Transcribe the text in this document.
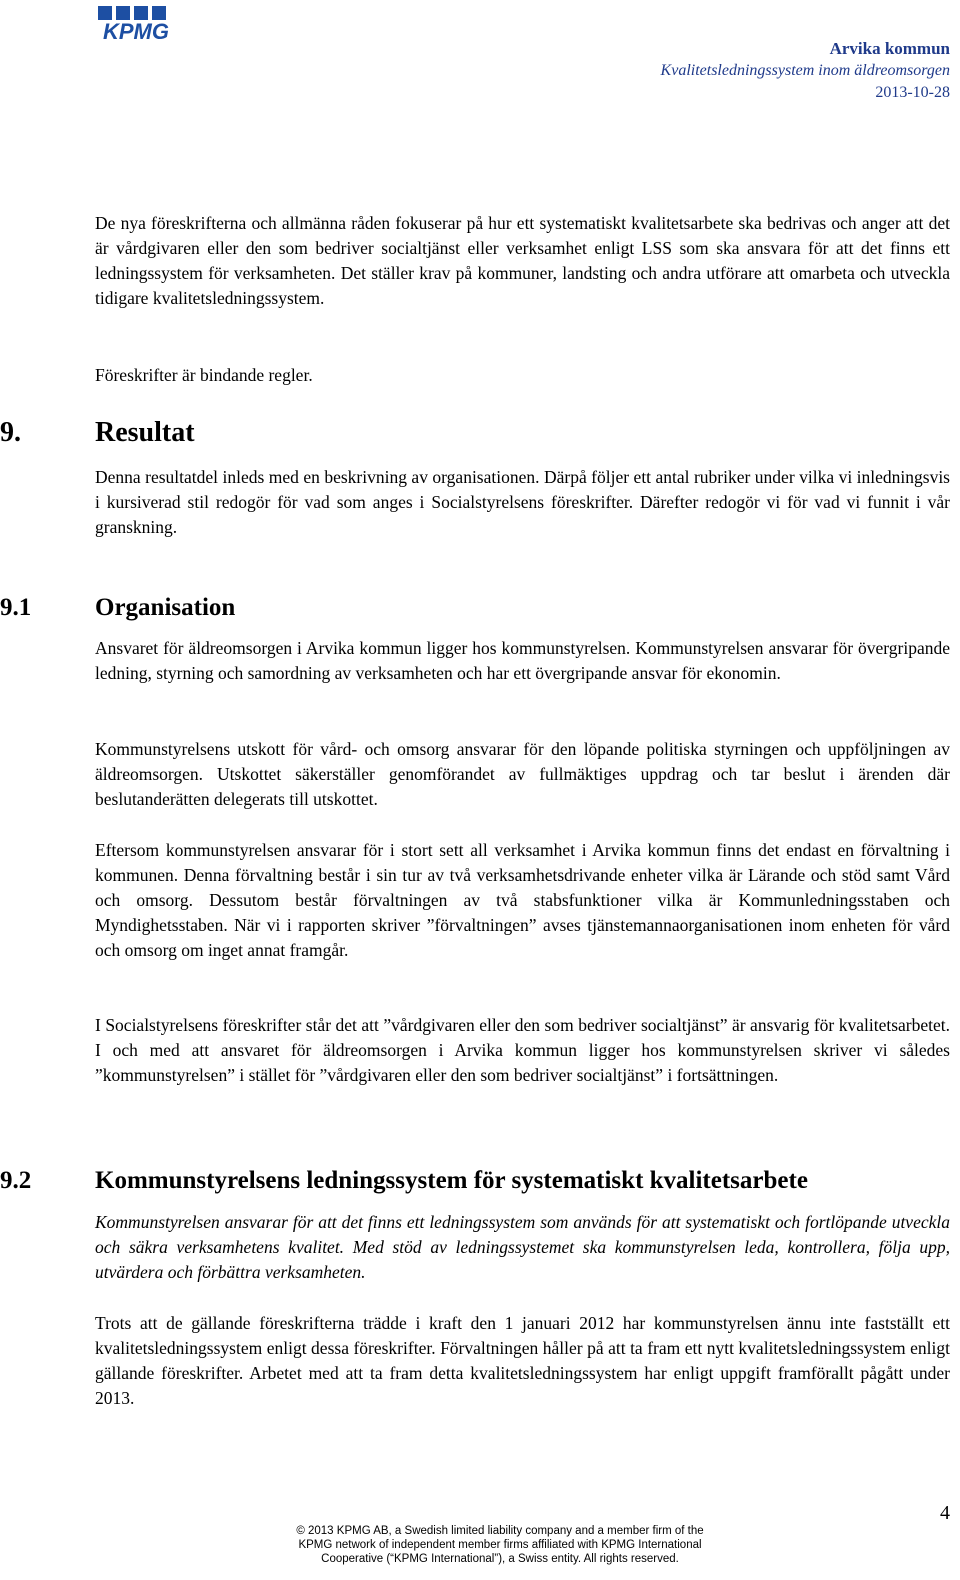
KPMG
Arvika kommun
Kvalitetsledningssystem inom äldreomsorgen
2013-10-28

De nya föreskrifterna och allmänna råden fokuserar på hur ett systematiskt kvalitetsarbete ska bedrivas och anger att det är vårdgivaren eller den som bedriver socialtjänst eller verksamhet enligt LSS som ska ansvara för att det finns ett ledningssystem för verksamheten. Det ställer krav på kommuner, landsting och andra utförare att omarbeta och utveckla tidigare kvalitetsledningssystem.

Föreskrifter är bindande regler.

9.	Resultat

Denna resultatdel inleds med en beskrivning av organisationen. Därpå följer ett antal rubriker under vilka vi inledningsvis i kursiverad stil redogör för vad som anges i Socialstyrelsens föreskrifter. Därefter redogör vi för vad vi funnit i vår granskning.

9.1	Organisation

Ansvaret för äldreomsorgen i Arvika kommun ligger hos kommunstyrelsen. Kommunstyrelsen ansvarar för övergripande ledning, styrning och samordning av verksamheten och har ett övergripande ansvar för ekonomin.

Kommunstyrelsens utskott för vård- och omsorg ansvarar för den löpande politiska styrningen och uppföljningen av äldreomsorgen. Utskottet säkerställer genomförandet av fullmäktiges uppdrag och tar beslut i ärenden där beslutanderätten delegerats till utskottet.

Eftersom kommunstyrelsen ansvarar för i stort sett all verksamhet i Arvika kommun finns det endast en förvaltning i kommunen. Denna förvaltning består i sin tur av två verksamhetsdrivande enheter vilka är Lärande och stöd samt Vård och omsorg. Dessutom består förvaltningen av två stabsfunktioner vilka är Kommunledningsstaben och Myndighetsstaben. När vi i rapporten skriver ”förvaltningen” avses tjänstemannaorganisationen inom enheten för vård och omsorg om inget annat framgår.

I Socialstyrelsens föreskrifter står det att ”vårdgivaren eller den som bedriver socialtjänst” är ansvarig för kvalitetsarbetet. I och med att ansvaret för äldreomsorgen i Arvika kommun ligger hos kommunstyrelsen skriver vi således ”kommunstyrelsen” i stället för ”vårdgivaren eller den som bedriver socialtjänst” i fortsättningen.

9.2	Kommunstyrelsens ledningssystem för systematiskt kvalitetsarbete

Kommunstyrelsen ansvarar för att det finns ett ledningssystem som används för att systematiskt och fortlöpande utveckla och säkra verksamhetens kvalitet. Med stöd av ledningssystemet ska kommunstyrelsen leda, kontrollera, följa upp, utvärdera och förbättra verksamheten.

Trots att de gällande föreskrifterna trädde i kraft den 1 januari 2012 har kommunstyrelsen ännu inte fastställt ett kvalitetsledningssystem enligt dessa föreskrifter. Förvaltningen håller på att ta fram ett nytt kvalitetsledningssystem enligt gällande föreskrifter. Arbetet med att ta fram detta kvalitetsledningssystem har enligt uppgift framförallt pågått under 2013.

4
© 2013 KPMG AB, a Swedish limited liability company and a member firm of the
KPMG network of independent member firms affiliated with KPMG International
Cooperative (“KPMG International”), a Swiss entity. All rights reserved.
